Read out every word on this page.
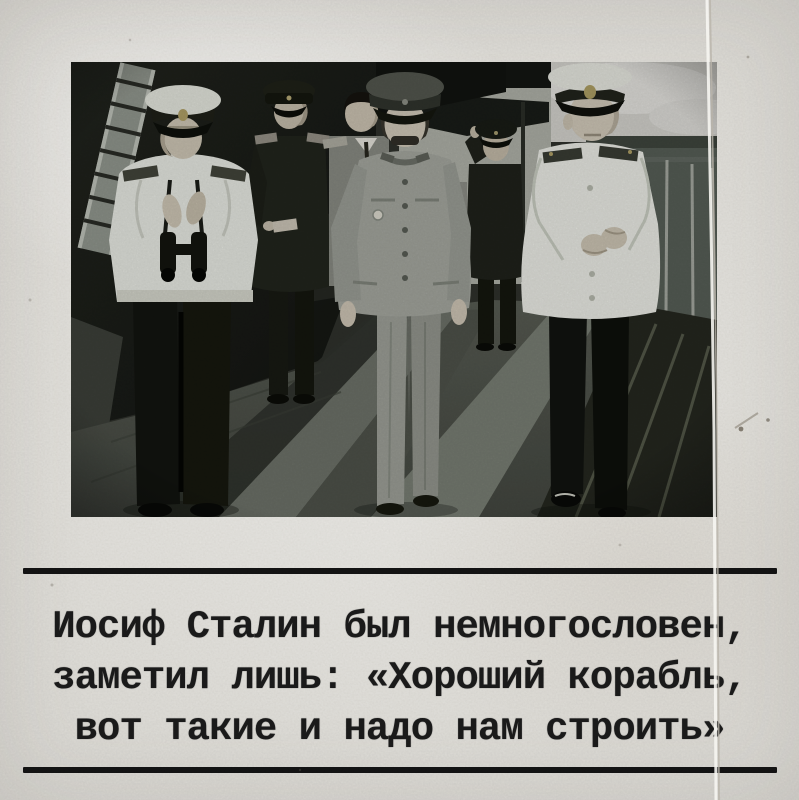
Иосиф Сталин был немногословен,
заметил лишь: «Хороший корабль,
вот такие и надо нам строить»
